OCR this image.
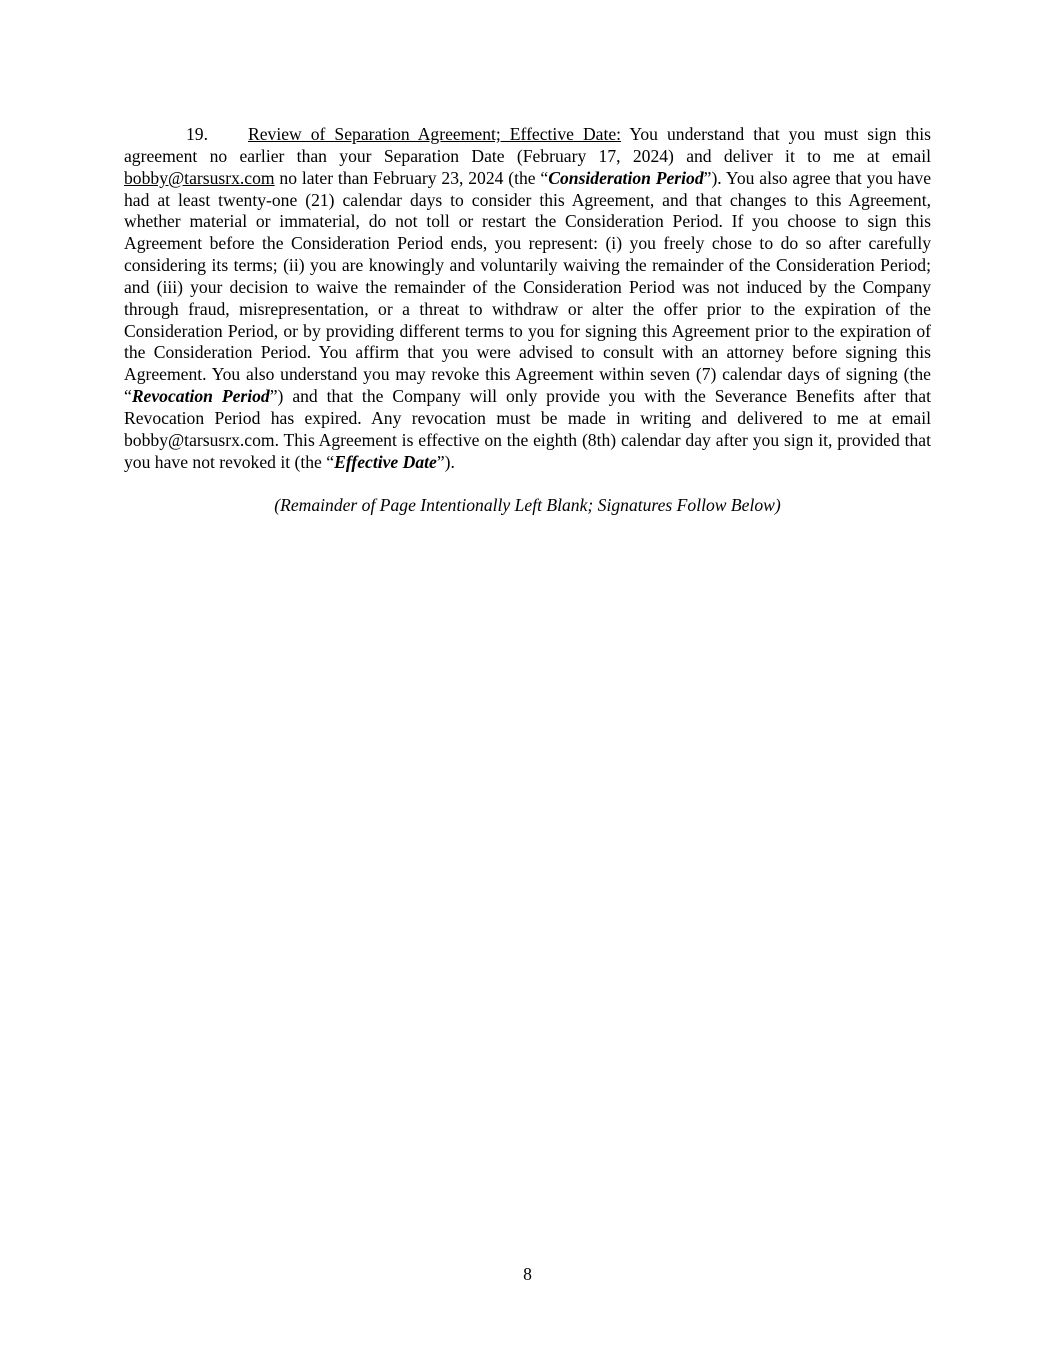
19. Review of Separation Agreement; Effective Date: You understand that you must sign this agreement no earlier than your Separation Date (February 17, 2024) and deliver it to me at email bobby@tarsusrx.com no later than February 23, 2024 (the “Consideration Period”). You also agree that you have had at least twenty-one (21) calendar days to consider this Agreement, and that changes to this Agreement, whether material or immaterial, do not toll or restart the Consideration Period. If you choose to sign this Agreement before the Consideration Period ends, you represent: (i) you freely chose to do so after carefully considering its terms; (ii) you are knowingly and voluntarily waiving the remainder of the Consideration Period; and (iii) your decision to waive the remainder of the Consideration Period was not induced by the Company through fraud, misrepresentation, or a threat to withdraw or alter the offer prior to the expiration of the Consideration Period, or by providing different terms to you for signing this Agreement prior to the expiration of the Consideration Period. You affirm that you were advised to consult with an attorney before signing this Agreement. You also understand you may revoke this Agreement within seven (7) calendar days of signing (the “Revocation Period”) and that the Company will only provide you with the Severance Benefits after that Revocation Period has expired. Any revocation must be made in writing and delivered to me at email bobby@tarsusrx.com. This Agreement is effective on the eighth (8th) calendar day after you sign it, provided that you have not revoked it (the “Effective Date”).

(Remainder of Page Intentionally Left Blank; Signatures Follow Below)
8
